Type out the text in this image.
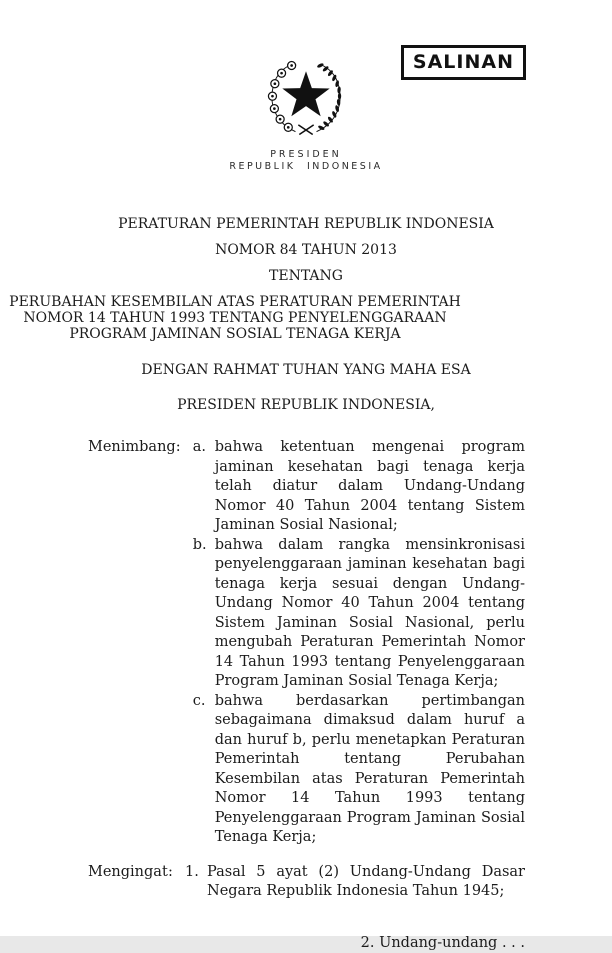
SALINAN
PRESIDEN
REPUBLIK INDONESIA

PERATURAN PEMERINTAH REPUBLIK INDONESIA

NOMOR 84 TAHUN 2013

TENTANG

PERUBAHAN KESEMBILAN ATAS PERATURAN PEMERINTAH NOMOR 14 TAHUN 1993 TENTANG PENYELENGGARAAN PROGRAM JAMINAN SOSIAL TENAGA KERJA

DENGAN RAHMAT TUHAN YANG MAHA ESA

PRESIDEN REPUBLIK INDONESIA,

Menimbang : a. bahwa ketentuan mengenai program jaminan kesehatan bagi tenaga kerja telah diatur dalam Undang-Undang Nomor 40 Tahun 2004 tentang Sistem Jaminan Sosial Nasional;
b. bahwa dalam rangka mensinkronisasi penyelenggaraan jaminan kesehatan bagi tenaga kerja sesuai dengan Undang-Undang Nomor 40 Tahun 2004 tentang Sistem Jaminan Sosial Nasional, perlu mengubah Peraturan Pemerintah Nomor 14 Tahun 1993 tentang Penyelenggaraan Program Jaminan Sosial Tenaga Kerja;
c. bahwa berdasarkan pertimbangan sebagaimana dimaksud dalam huruf a dan huruf b, perlu menetapkan Peraturan Pemerintah tentang Perubahan Kesembilan atas Peraturan Pemerintah Nomor 14 Tahun 1993 tentang Penyelenggaraan Program Jaminan Sosial Tenaga Kerja;
Mengingat : 1. Pasal 5 ayat (2) Undang-Undang Dasar Negara Republik Indonesia Tahun 1945;
2. Undang-undang . . .
